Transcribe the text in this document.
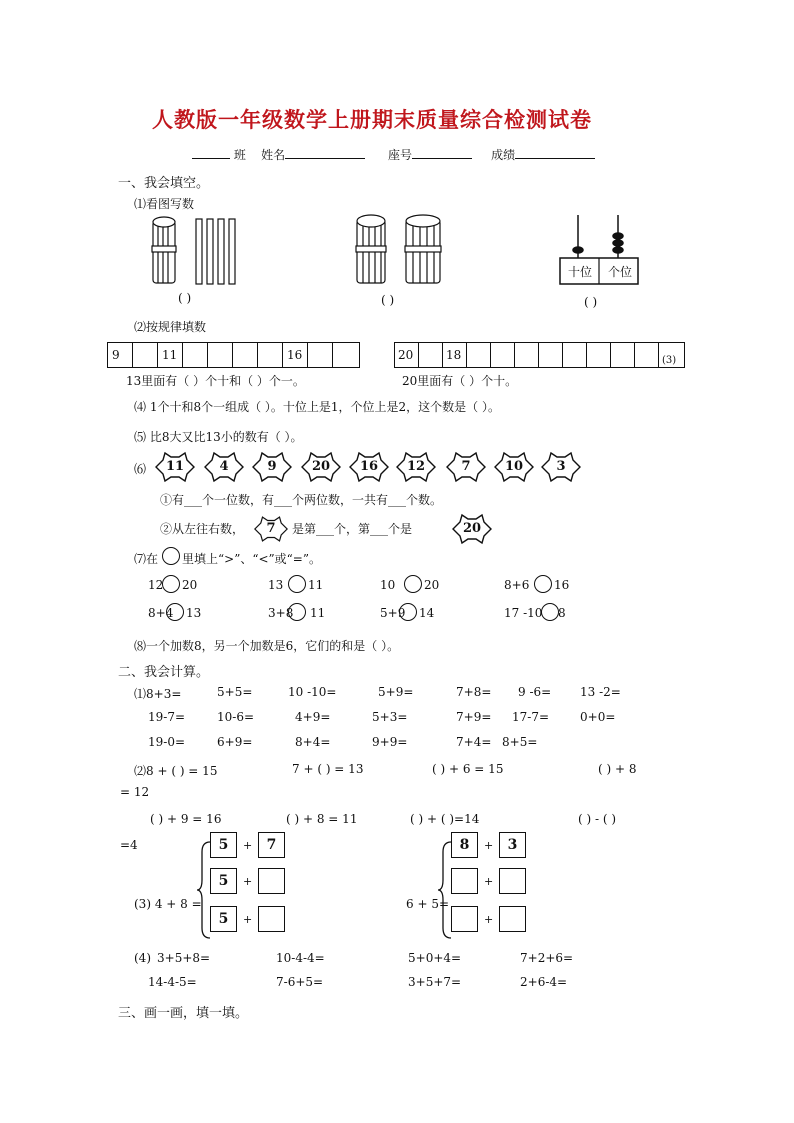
人教版一年级数学上册期末质量综合检测试卷
班 姓名	座号	成绩
一、我会填空。
⑴看图写数
( )	( )
十位 个位
( )
⑵按规律填数
9	11	16	20	18	(3)
13里面有（ ）个十和（ ）个一。	20里面有（ ）个十。
⑷ 1个十和8个一组成（ ）。十位上是1，个位上是2，这个数是（ ）。
⑸ 比8大又比13小的数有（ ）。
⑹	11	4	9	20	16	12	7	10	3
①有___个一位数，有___个两位数，一共有___个数。
②从左往右数，	7	是第___个，第___个是	20
⑺在 里填上“>”、“<”或“=”。
12 20	13 11	10 20	8+6 16
8+4 13	3+8 11	5+9 14	17 -10 8
⑻一个加数8，另一个加数是6，它们的和是（ ）。
二、我会计算。
⑴8+3=	5+5=	10 -10=	5+9=	7+8= 9 -6= 13 -2=
19-7=	10-6=	4+9=	5+3=	7+9= 17-7=	0+0=
19-0=	6+9=	8+4=	9+9=	7+4= 8+5=
⑵8 + ( ) = 15	7 + ( ) = 13	( ) + 6 = 15	( ) + 8
( ) + 9 = 16	( ) + 8 = 11	( ) + ( )=14	( ) - ( )
= 12
=4
(3) 4 + 8 =
5	+	7
5	+
5	+
6 + 5=
8	+	3
+
+
(4) 3+5+8=	10-4-4=	5+0+4=	7+2+6=
14-4-5=	7-6+5=	3+5+7=	2+6-4=
三、画一画，填一填。
